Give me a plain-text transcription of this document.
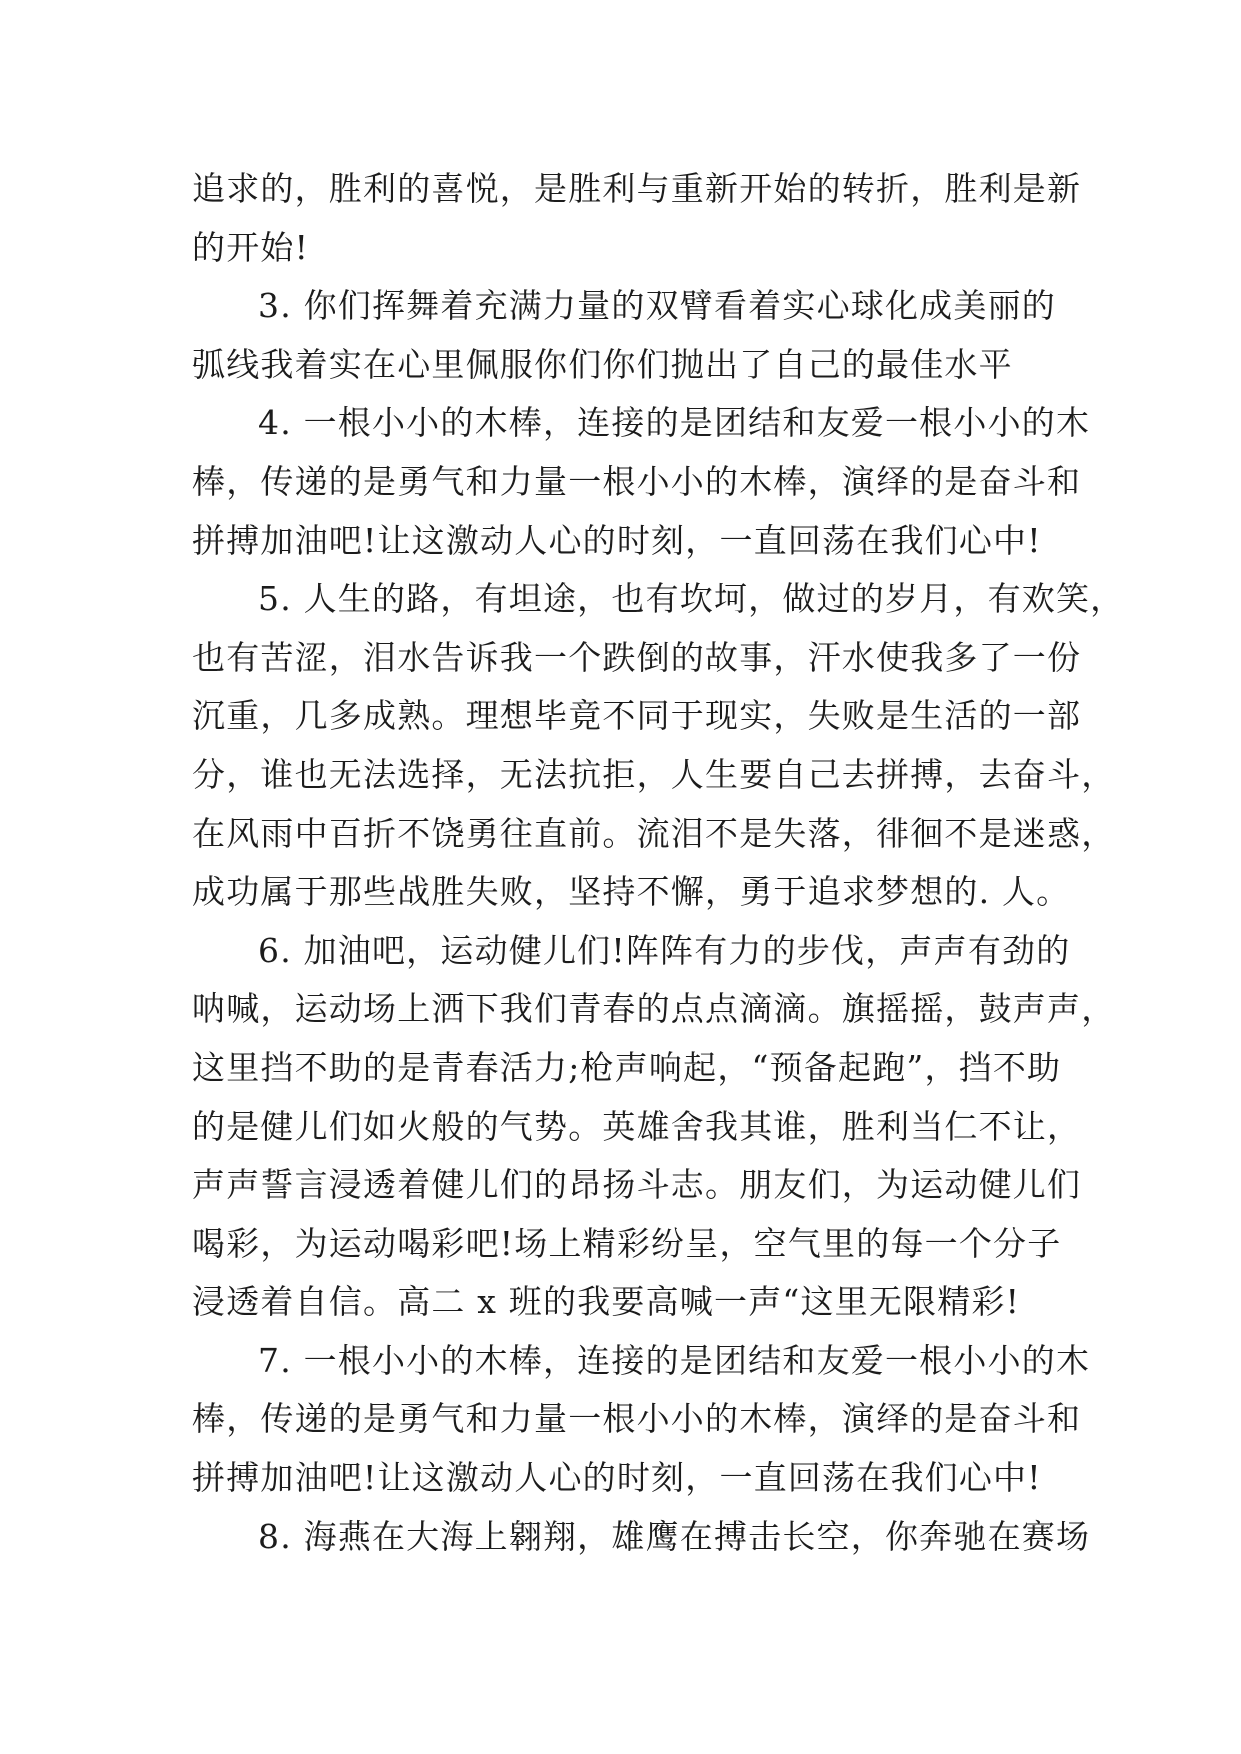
追求的，胜利的喜悦，是胜利与重新开始的转折，胜利是新
的开始!
3. 你们挥舞着充满力量的双臂看着实心球化成美丽的
弧线我着实在心里佩服你们你们抛出了自己的最佳水平
4. 一根小小的木棒，连接的是团结和友爱一根小小的木
棒，传递的是勇气和力量一根小小的木棒，演绎的是奋斗和
拼搏加油吧!让这激动人心的时刻，一直回荡在我们心中!
5. 人生的路，有坦途，也有坎坷，做过的岁月，有欢笑，
也有苦涩，泪水告诉我一个跌倒的故事，汗水使我多了一份
沉重，几多成熟。理想毕竟不同于现实，失败是生活的一部
分，谁也无法选择，无法抗拒，人生要自己去拼搏，去奋斗，
在风雨中百折不饶勇往直前。流泪不是失落，徘徊不是迷惑，
成功属于那些战胜失败，坚持不懈，勇于追求梦想的. 人。
6. 加油吧，运动健儿们!阵阵有力的步伐，声声有劲的
呐喊，运动场上洒下我们青春的点点滴滴。旗摇摇，鼓声声，
这里挡不助的是青春活力;枪声响起，“预备起跑”，挡不助
的是健儿们如火般的气势。英雄舍我其谁，胜利当仁不让，
声声誓言浸透着健儿们的昂扬斗志。朋友们，为运动健儿们
喝彩，为运动喝彩吧!场上精彩纷呈，空气里的每一个分子
浸透着自信。高二 x 班的我要高喊一声“这里无限精彩!
7. 一根小小的木棒，连接的是团结和友爱一根小小的木
棒，传递的是勇气和力量一根小小的木棒，演绎的是奋斗和
拼搏加油吧!让这激动人心的时刻，一直回荡在我们心中!
8. 海燕在大海上翱翔，雄鹰在搏击长空，你奔驰在赛场
